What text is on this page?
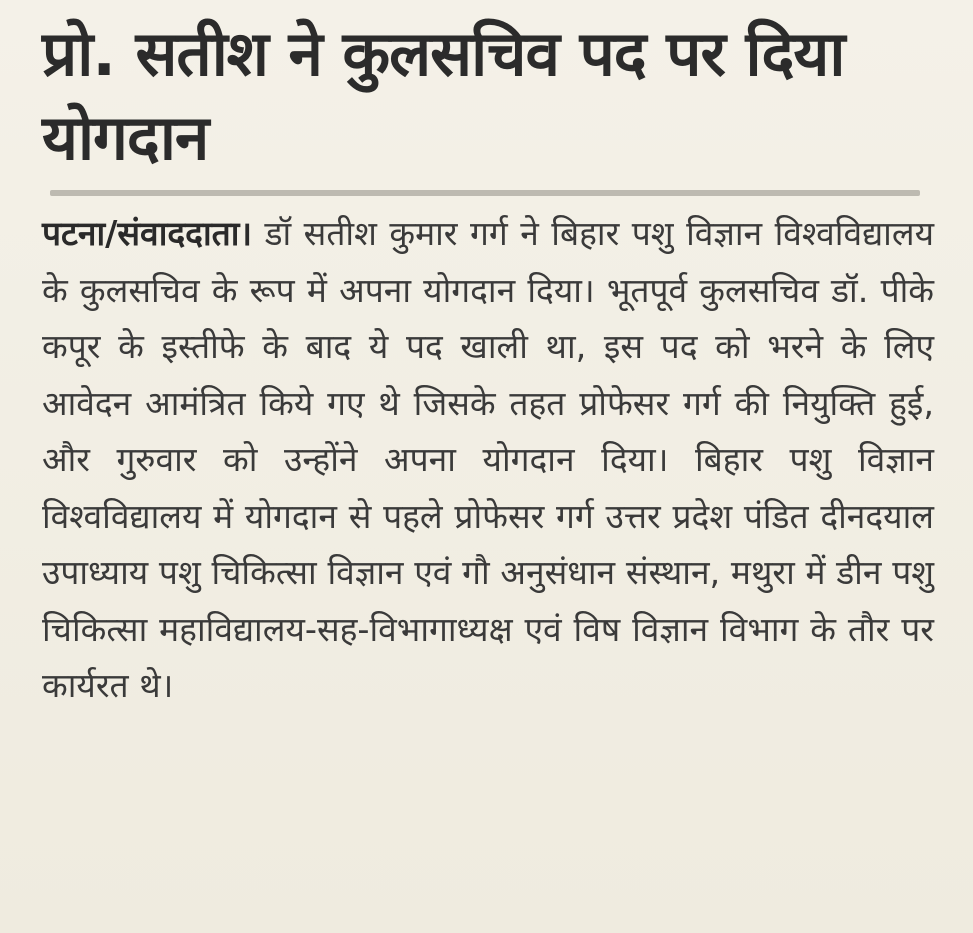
प्रो. सतीश ने कुलसचिव पद पर दिया योगदान

पटना/संवाददाता। डॉ सतीश कुमार गर्ग ने बिहार पशु विज्ञान विश्वविद्यालय के कुलसचिव के रूप में अपना योगदान दिया। भूतपूर्व कुलसचिव डॉ. पीके कपूर के इस्तीफे के बाद ये पद खाली था, इस पद को भरने के लिए आवेदन आमंत्रित किये गए थे जिसके तहत प्रोफेसर गर्ग की नियुक्ति हुई, और गुरुवार को उन्होंने अपना योगदान दिया। बिहार पशु विज्ञान विश्वविद्यालय में योगदान से पहले प्रोफेसर गर्ग उत्तर प्रदेश पंडित दीनदयाल उपाध्याय पशु चिकित्सा विज्ञान एवं गौ अनुसंधान संस्थान, मथुरा में डीन पशु चिकित्सा महाविद्यालय-सह-विभागाध्यक्ष एवं विष विज्ञान विभाग के तौर पर कार्यरत थे।
